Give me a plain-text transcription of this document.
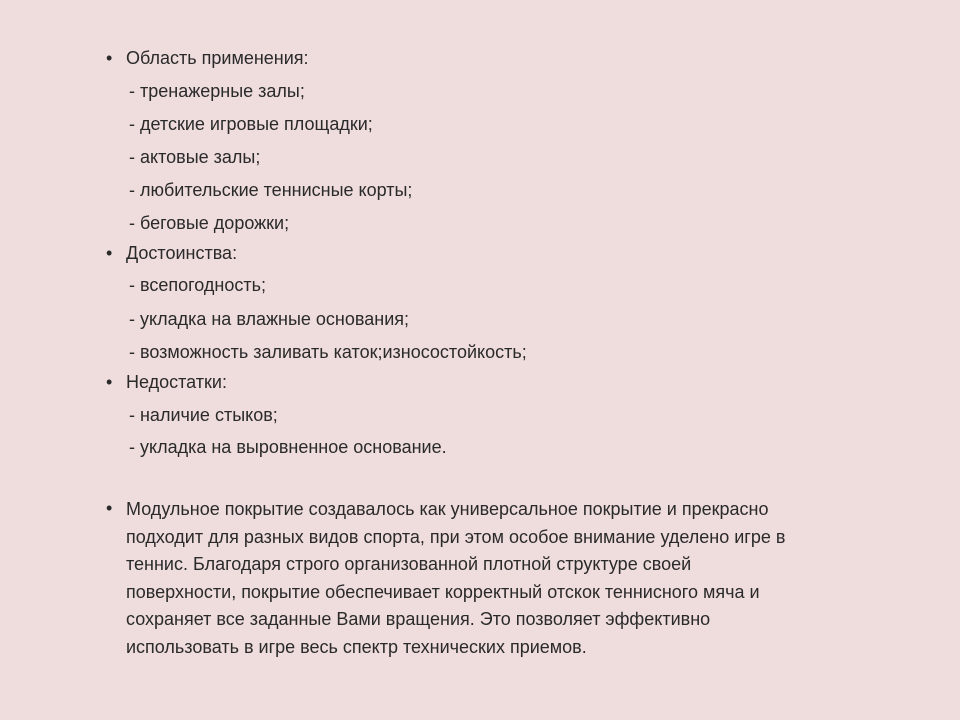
• Область применения:
- тренажерные залы;
- детские игровые площадки;
- актовые залы;
- любительские теннисные корты;
- беговые дорожки;
• Достоинства:
- всепогодность;
- укладка на влажные основания;
- возможность заливать каток;износостойкость;
• Недостатки:
- наличие стыков;
- укладка на выровненное основание.
• Модульное покрытие создавалось как универсальное покрытие и прекрасно
подходит для разных видов спорта, при этом особое внимание уделено игре в
теннис. Благодаря строго организованной плотной структуре своей
поверхности, покрытие обеспечивает корректный отскок теннисного мяча и
сохраняет все заданные Вами вращения. Это позволяет эффективно
использовать в игре весь спектр технических приемов.
